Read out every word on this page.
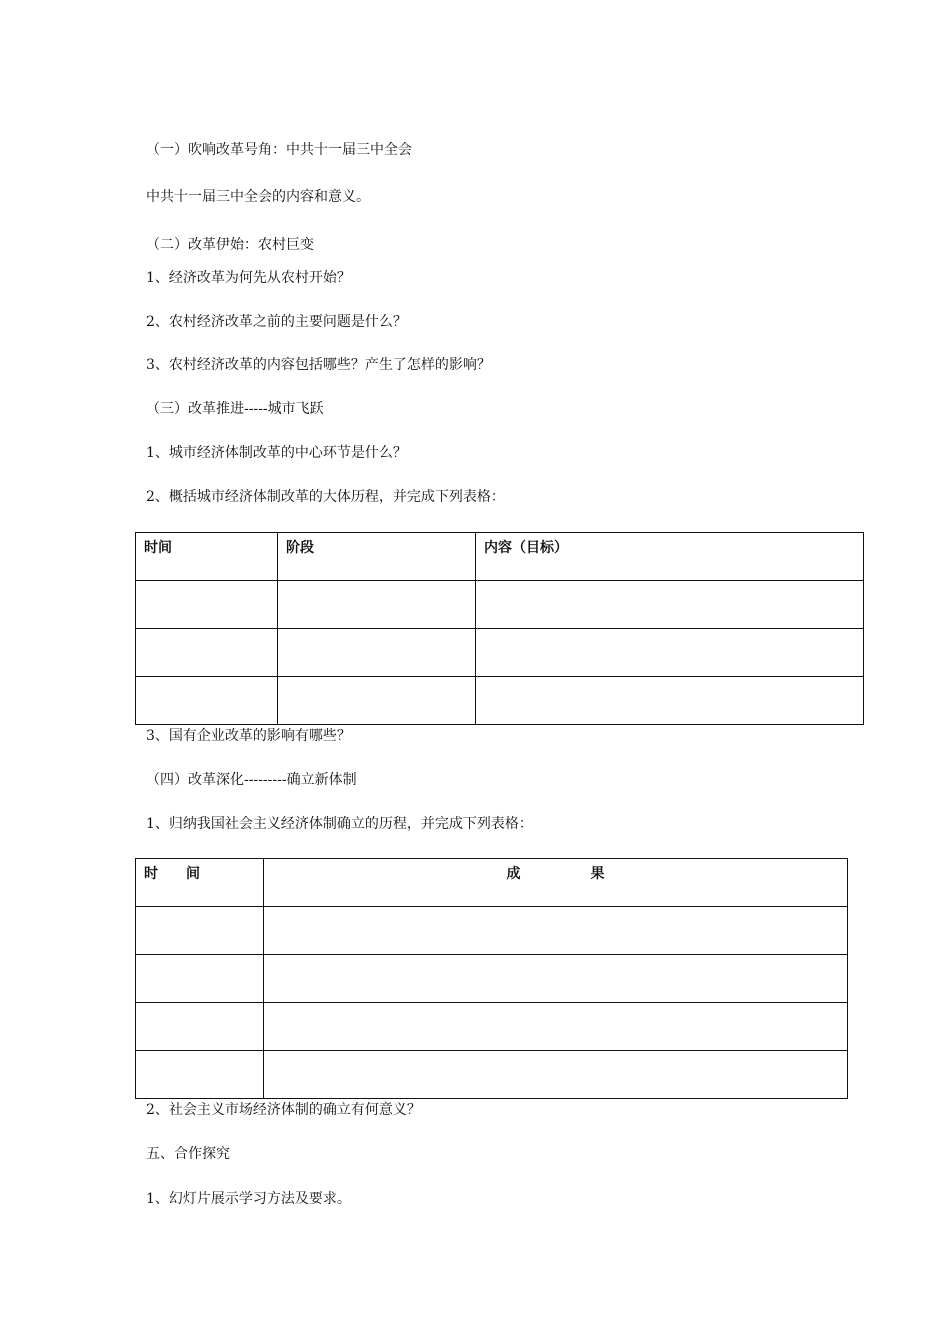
（一）吹响改革号角：中共十一届三中全会
中共十一届三中全会的内容和意义。
（二）改革伊始：农村巨变
1、经济改革为何先从农村开始？
2、农村经济改革之前的主要问题是什么？
3、农村经济改革的内容包括哪些？产生了怎样的影响？
（三）改革推进-----城市飞跃
1、城市经济体制改革的中心环节是什么？
2、概括城市经济体制改革的大体历程，并完成下列表格：
时间	阶段	内容（目标）

3、国有企业改革的影响有哪些？
（四）改革深化---------确立新体制
1、归纳我国社会主义经济体制确立的历程，并完成下列表格：
时　　间	成　　　　　果

2、社会主义市场经济体制的确立有何意义？
五、合作探究
1、幻灯片展示学习方法及要求。
